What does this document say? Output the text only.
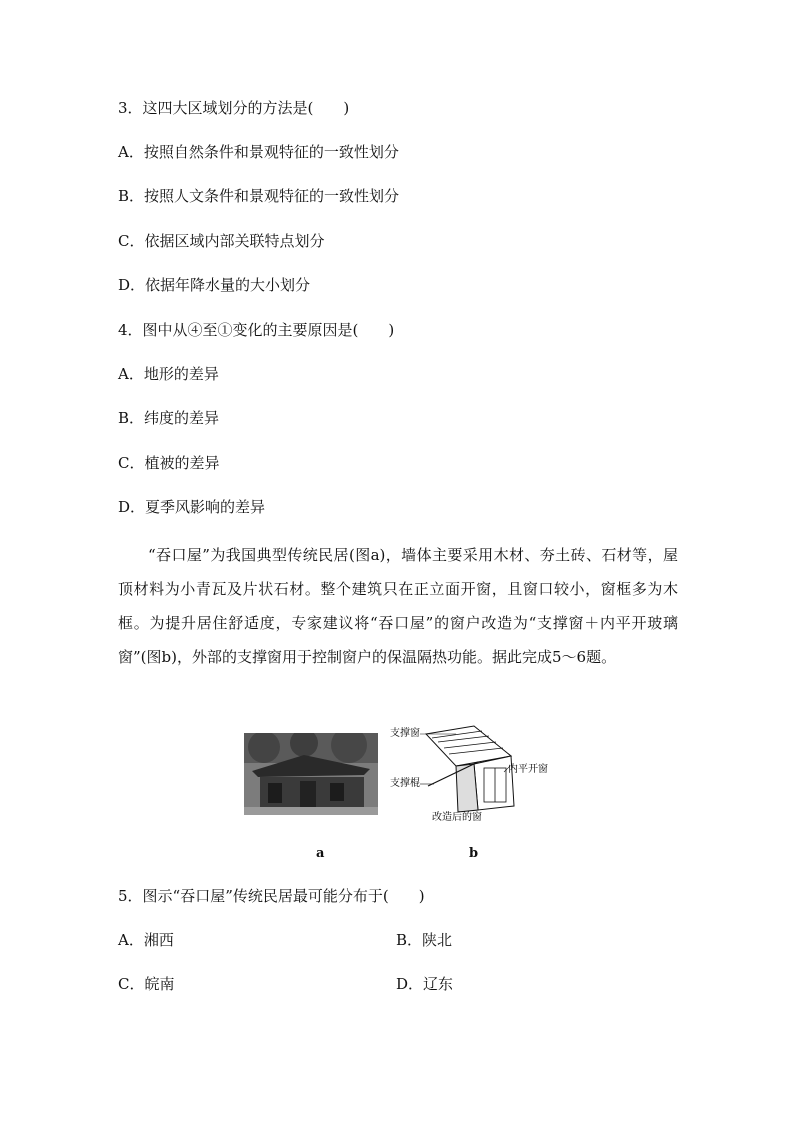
3．这四大区域划分的方法是(　　)
A．按照自然条件和景观特征的一致性划分
B．按照人文条件和景观特征的一致性划分
C．依据区域内部关联特点划分
D．依据年降水量的大小划分
4．图中从④至①变化的主要原因是(　　)
A．地形的差异
B．纬度的差异
C．植被的差异
D．夏季风影响的差异
“吞口屋”为我国典型传统民居(图a)，墙体主要采用木材、夯土砖、石材等，屋顶材料为小青瓦及片状石材。整个建筑只在正立面开窗，且窗口较小，窗框多为木框。为提升居住舒适度，专家建议将“吞口屋”的窗户改造为“支撑窗＋内平开玻璃窗”(图b)，外部的支撑窗用于控制窗户的保温隔热功能。据此完成5～6题。
支撑窗
支撑棍
内平开窗
改造后的窗
a	b
5．图示“吞口屋”传统民居最可能分布于(　　)
A．湘西	B．陕北
C．皖南	D．辽东
